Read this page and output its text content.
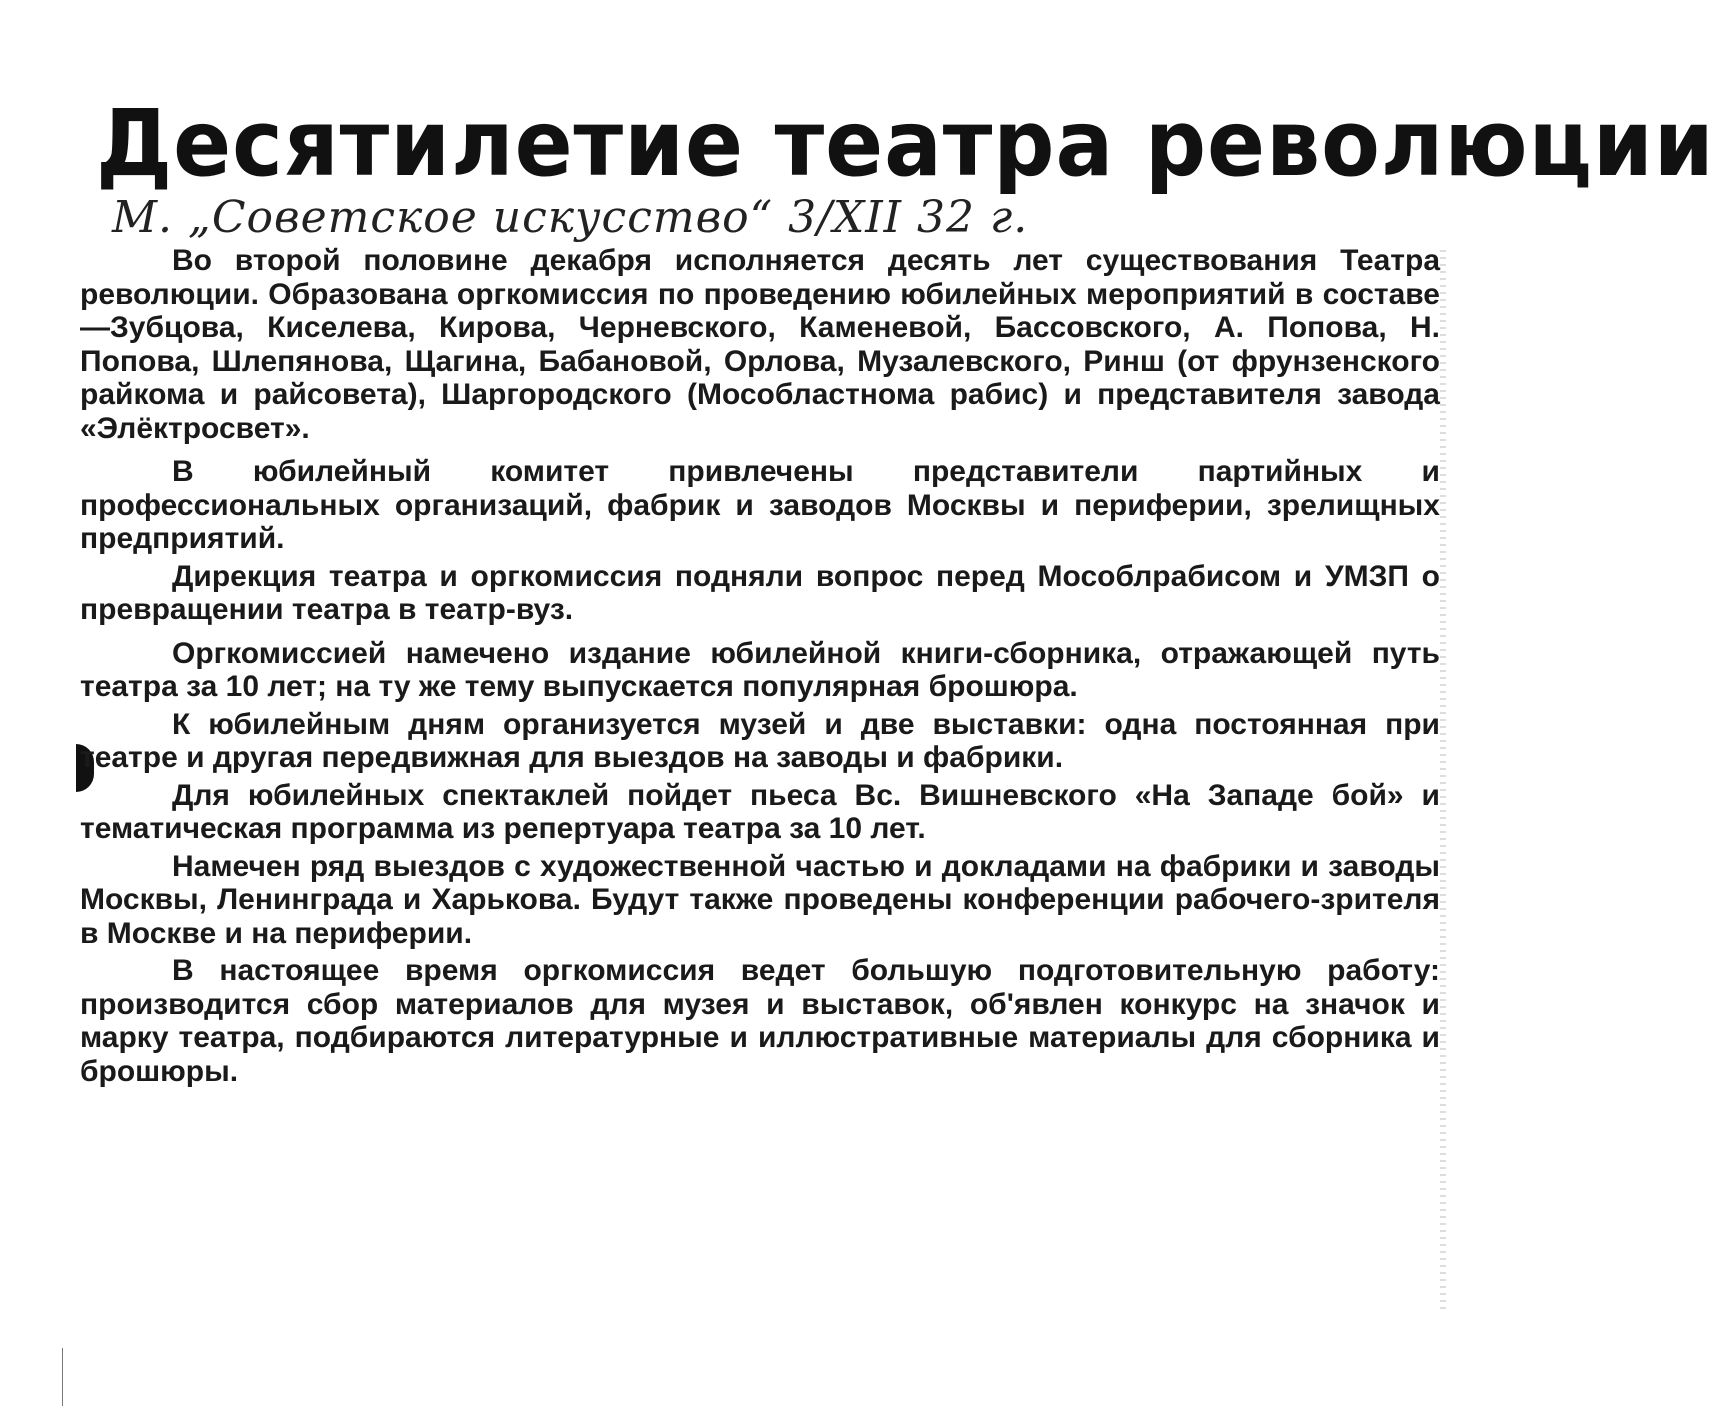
Десятилетие театра революции
М. „Советское искусство“ 3/XII 32 г.

Во второй половине декабря исполняется десять лет существования Театра революции. Образована оргкомиссия по проведению юбилейных мероприятий в составе—Зубцова, Киселева, Кирова, Черневского, Каменевой, Бассовского, А. Попова, Н. Попова, Шлепянова, Щагина, Бабановой, Орлова, Музалевского, Ринш (от фрунзенского райкома и райсовета), Шаргородского (Мособластнома рабис) и представителя завода «Элёктросвет».

В юбилейный комитет привлечены представители партийных и профессиональных организаций, фабрик и заводов Москвы и периферии, зрелищных предприятий.

Дирекция театра и оргкомиссия подняли вопрос перед Мособлрабисом и УМЗП о превращении театра в театр-вуз.

Оргкомиссией намечено издание юбилейной книги-сборника, отражающей путь театра за 10 лет; на ту же тему выпускается популярная брошюра.

К юбилейным дням организуется музей и две выставки: одна постоянная при театре и другая передвижная для выездов на заводы и фабрики.

Для юбилейных спектаклей пойдет пьеса Вс. Вишневского «На Западе бой» и тематическая программа из репертуара театра за 10 лет.

Намечен ряд выездов с художественной частью и докладами на фабрики и заводы Москвы, Ленинграда и Харькова. Будут также проведены конференции рабочего-зрителя в Москве и на периферии.

В настоящее время оргкомиссия ведет большую подготовительную работу: производится сбор материалов для музея и выставок, об'явлен конкурс на значок и марку театра, подбираются литературные и иллюстративные материалы для сборника и брошюры.
